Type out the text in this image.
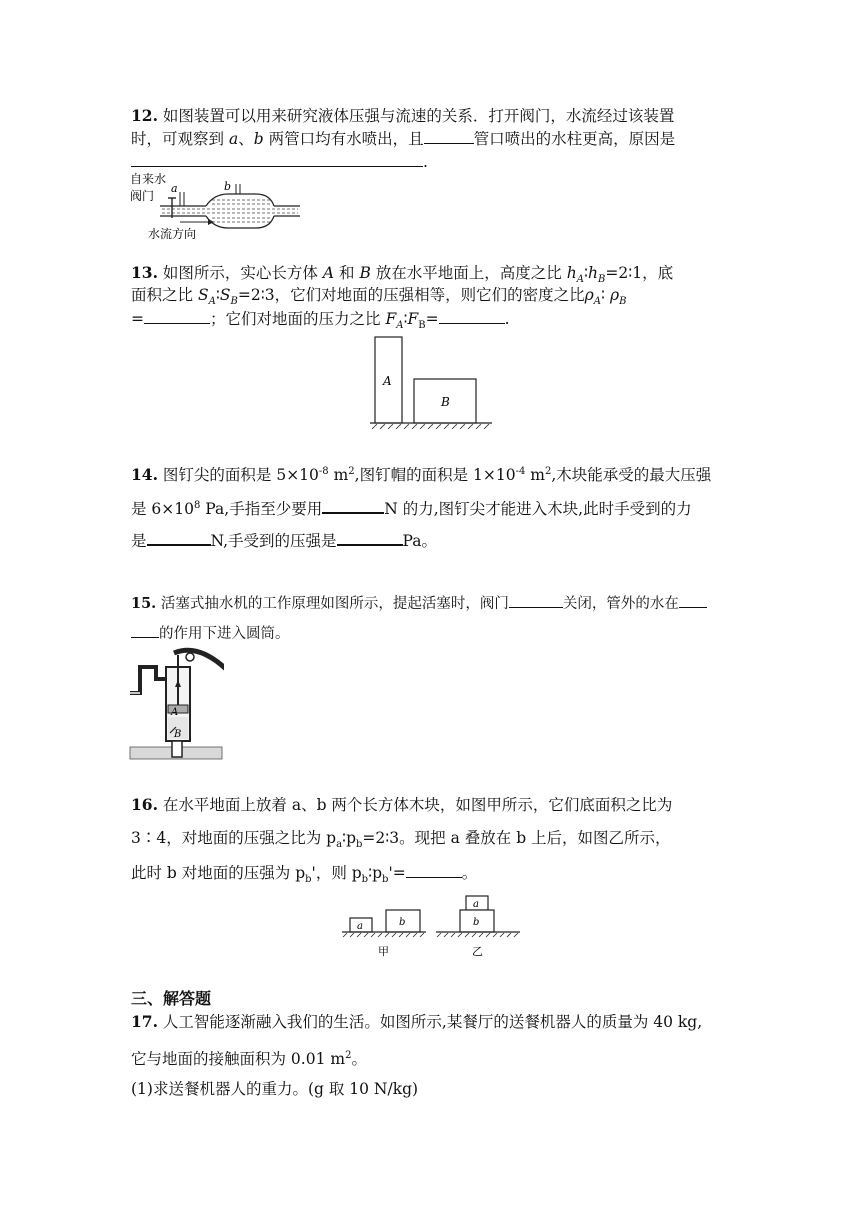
12. 如图装置可以用来研究液体压强与流速的关系．打开阀门，水流经过该装置
时，可观察到 a、b 两管口均有水喷出，且	管口喷出的水柱更高，原因是
.
自来水
阀门
a	b
水流方向
13. 如图所示，实心长方体 A 和 B 放在水平地面上，高度之比 $h_A∶h_B=2∶1$，底
面积之比 $S_A∶S_B=2∶3$，它们对地面的压强相等，则它们的密度之比$\rho_A∶$ $\rho_B$
=	；它们对地面的压力之比 $F_A∶F_B=$	.
A
B
14. 图钉尖的面积是 $5\times 10^{-8}$ $m^2$,图钉帽的面积是 $1\times 10^{-4}$ $m^2$,木块能承受的最大压强
是 $6\times 10^8$ Pa,手指至少要用	N 的力,图钉尖才能进入木块,此时手受到的力
是	N,手受到的压强是	Pa。
15. 活塞式抽水机的工作原理如图所示，提起活塞时，阀门	关闭，管外的水在
的作用下进入圆筒。
A
B
16. 在水平地面上放着 a、b 两个长方体木块，如图甲所示，它们底面积之比为
3∶4，对地面的压强之比为 $p_a∶p_b=2∶3$。现把 a 叠放在 b 上后，如图乙所示，
此时 b 对地面的压强为 $p_b'$，则 $p_b∶p_b'=$	。
a	b
甲
a
b
乙
三、解答题
17. 人工智能逐渐融入我们的生活。如图所示,某餐厅的送餐机器人的质量为 40 kg,
它与地面的接触面积为 0.01 $m^2$。
(1)求送餐机器人的重力。(g 取 10 N/kg)
